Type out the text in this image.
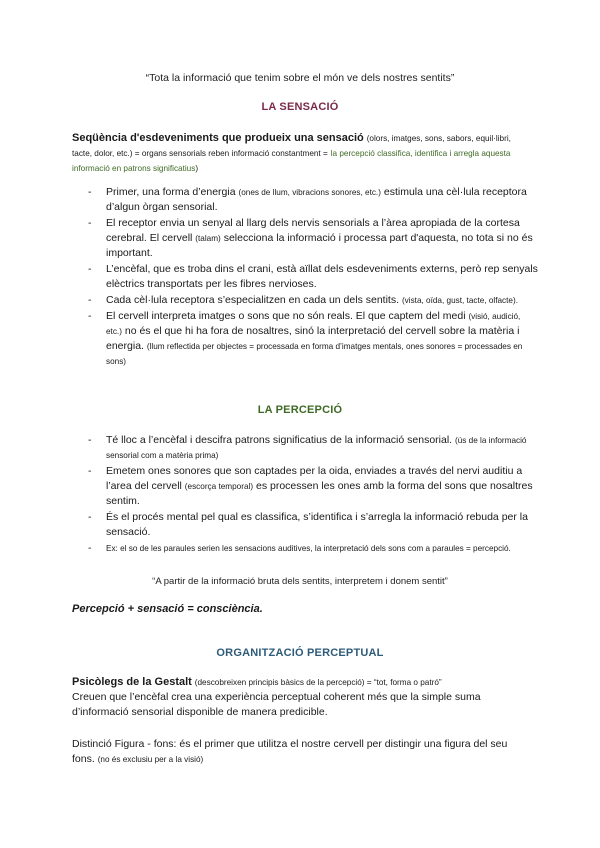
“Tota la informació que tenim sobre el món ve dels nostres sentits”
LA SENSACIÓ
Seqüència d'esdeveniments que produeix una sensació (olors, imatges, sons, sabors, equil·libri, tacte, dolor, etc.) = organs sensorials reben informació constantment = la percepció classifica, identifica i arregla aquesta informació en patrons significatius)
- Primer, una forma d’energia (ones de llum, vibracions sonores, etc.) estimula una cèl·lula receptora d’algun òrgan sensorial.
- El receptor envia un senyal al llarg dels nervis sensorials a l’àrea apropiada de la cortesa cerebral. El cervell (talam) selecciona la informació i processa part d'aquesta, no tota si no és important.
- L’encèfal, que es troba dins el crani, està aïllat dels esdeveniments externs, però rep senyals elèctrics transportats per les fibres nervioses.
- Cada cèl·lula receptora s’especialitzen en cada un dels sentits. (vista, oïda, gust, tacte, olfacte).
- El cervell interpreta imatges o sons que no són reals. El que captem del medi (visió, audició, etc.) no és el que hi ha fora de nosaltres, sinó la interpretació del cervell sobre la matèria i energia. (llum reflectida per objectes = processada en forma d’imatges mentals, ones sonores = processades en sons)
LA PERCEPCIÓ
- Té lloc a l’encèfal i descifra patrons significatius de la informació sensorial. (ús de la informació sensorial com a matèria prima)
- Emetem ones sonores que son captades per la oida, enviades a través del nervi auditiu a l’area del cervell (escorça temporal) es processen les ones amb la forma del sons que nosaltres sentim.
- És el procés mental pel qual es classifica, s’identifica i s’arregla la informació rebuda per la sensació.
- Ex: el so de les paraules serien les sensacions auditives, la interpretació dels sons com a paraules = percepció.
“A partir de la informació bruta dels sentits, interpretem i donem sentit”
Percepció + sensació = consciència.
ORGANITZACIÓ PERCEPTUAL
Psicòlegs de la Gestalt (descobreixen principis bàsics de la percepció) = “tot, forma o patró”
Creuen que l’encèfal crea una experiència perceptual coherent més que la simple suma d’informació sensorial disponible de manera predicible.
Distinció Figura - fons: és el primer que utilitza el nostre cervell per distingir una figura del seu fons. (no és exclusiu per a la visió)
